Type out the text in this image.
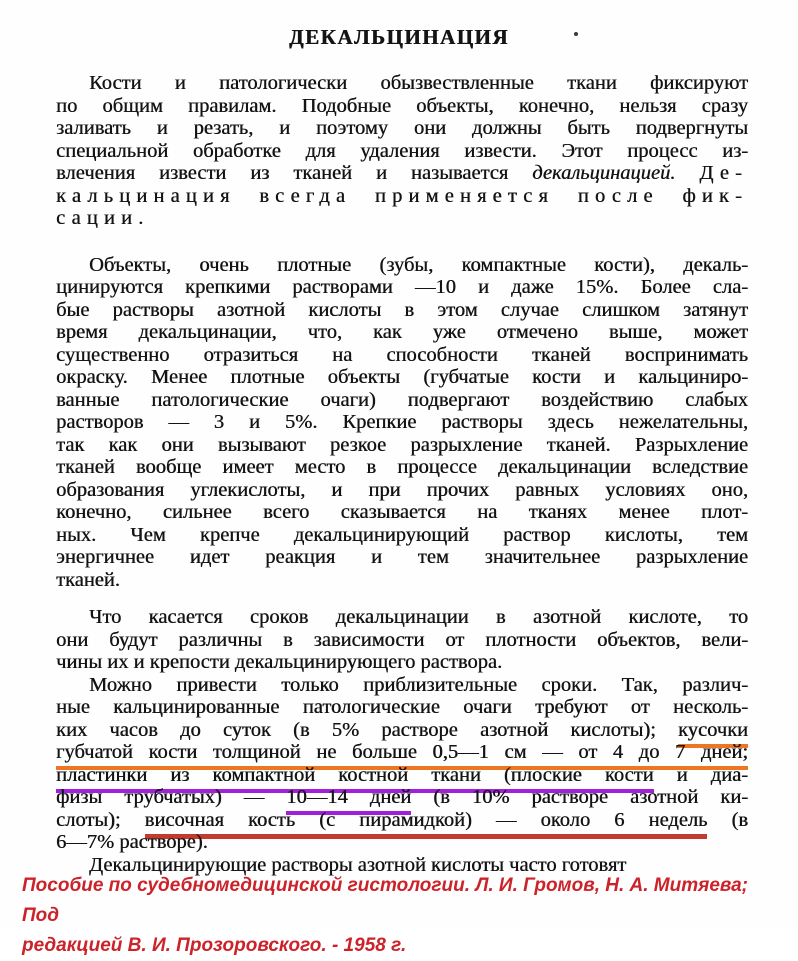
ДЕКАЛЬЦИНАЦИЯ
Кости и патологически обызвествленные ткани фиксируют
по общим правилам. Подобные объекты, конечно, нельзя сразу
заливать и резать, и поэтому они должны быть подвергнуты
специальной обработке для удаления извести. Этот процесс из-
влечения извести из тканей и называется декальцинацией. Де-
кальцинация всегда применяется после фик-
сации.
Объекты, очень плотные (зубы, компактные кости), декаль-
цинируются крепкими растворами —10 и даже 15%. Более сла-
бые растворы азотной кислоты в этом случае слишком затянут
время декальцинации, что, как уже отмечено выше, может
существенно отразиться на способности тканей воспринимать
окраску. Менее плотные объекты (губчатые кости и кальциниро-
ванные патологические очаги) подвергают воздействию слабых
растворов — 3 и 5%. Крепкие растворы здесь нежелательны,
так как они вызывают резкое разрыхление тканей. Разрыхление
тканей вообще имеет место в процессе декальцинации вследствие
образования углекислоты, и при прочих равных условиях оно,
конечно, сильнее всего сказывается на тканях менее плот-
ных. Чем крепче декальцинирующий раствор кислоты, тем
энергичнее идет реакция и тем значительнее разрыхление
тканей.
Что касается сроков декальцинации в азотной кислоте, то
они будут различны в зависимости от плотности объектов, вели-
чины их и крепости декальцинирующего раствора.
Можно привести только приблизительные сроки. Так, различ-
ные кальцинированные патологические очаги требуют от несколь-
ких часов до суток (в 5% растворе азотной кислоты); кусочки
губчатой кости толщиной не больше 0,5—1 см — от 4 до 7 дней;
пластинки из компактной костной ткани (плоские кости и диа-
физы трубчатых) — 10—14 дней (в 10% растворе азотной ки-
слоты); височная кость (с пирамидкой) — около 6 недель (в
6—7% растворе).
Декальцинирующие растворы азотной кислоты часто готовят
Пособие по судебномедицинской гистологии. Л. И. Громов, Н. А. Митяева; Под
редакцией В. И. Прозоровского. - 1958 г.
